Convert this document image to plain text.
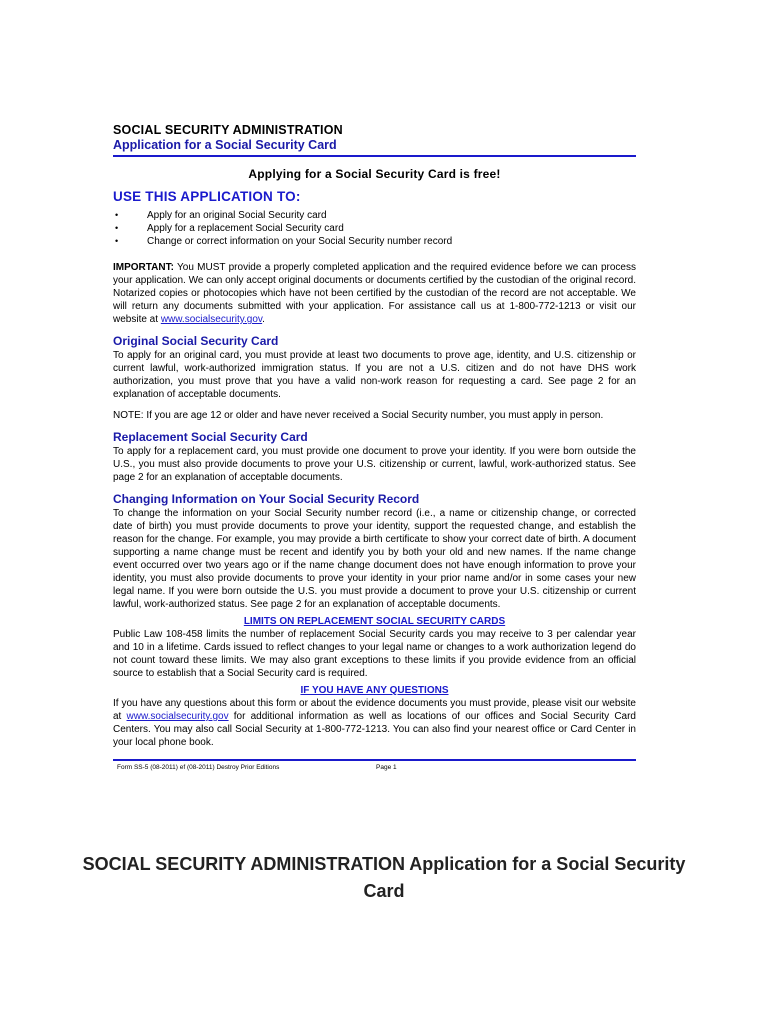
SOCIAL SECURITY ADMINISTRATION
Application for a Social Security Card
Applying for a Social Security Card is free!
USE THIS APPLICATION TO:
•	Apply for an original Social Security card
•	Apply for a replacement Social Security card
•	Change or correct information on your Social Security number record

IMPORTANT: You MUST provide a properly completed application and the required evidence before we can process your application. We can only accept original documents or documents certified by the custodian of the original record. Notarized copies or photocopies which have not been certified by the custodian of the record are not acceptable. We will return any documents submitted with your application. For assistance call us at 1-800-772-1213 or visit our website at www.socialsecurity.gov.

Original Social Security Card

To apply for an original card, you must provide at least two documents to prove age, identity, and U.S. citizenship or current lawful, work-authorized immigration status. If you are not a U.S. citizen and do not have DHS work authorization, you must prove that you have a valid non-work reason for requesting a card. See page 2 for an explanation of acceptable documents.

NOTE: If you are age 12 or older and have never received a Social Security number, you must apply in person.

Replacement Social Security Card

To apply for a replacement card, you must provide one document to prove your identity. If you were born outside the U.S., you must also provide documents to prove your U.S. citizenship or current, lawful, work-authorized status. See page 2 for an explanation of acceptable documents.

Changing Information on Your Social Security Record

To change the information on your Social Security number record (i.e., a name or citizenship change, or corrected date of birth) you must provide documents to prove your identity, support the requested change, and establish the reason for the change. For example, you may provide a birth certificate to show your correct date of birth. A document supporting a name change must be recent and identify you by both your old and new names. If the name change event occurred over two years ago or if the name change document does not have enough information to prove your identity, you must also provide documents to prove your identity in your prior name and/or in some cases your new legal name. If you were born outside the U.S. you must provide a document to prove your U.S. citizenship or current lawful, work-authorized status. See page 2 for an explanation of acceptable documents.

LIMITS ON REPLACEMENT SOCIAL SECURITY CARDS

Public Law 108-458 limits the number of replacement Social Security cards you may receive to 3 per calendar year and 10 in a lifetime. Cards issued to reflect changes to your legal name or changes to a work authorization legend do not count toward these limits. We may also grant exceptions to these limits if you provide evidence from an official source to establish that a Social Security card is required.

IF YOU HAVE ANY QUESTIONS

If you have any questions about this form or about the evidence documents you must provide, please visit our website at www.socialsecurity.gov for additional information as well as locations of our offices and Social Security Card Centers. You may also call Social Security at 1-800-772-1213. You can also find your nearest office or Card Center in your local phone book.

Form SS-5 (08-2011) ef (08-2011) Destroy Prior Editions	Page 1
SOCIAL SECURITY ADMINISTRATION Application for a Social Security Card
